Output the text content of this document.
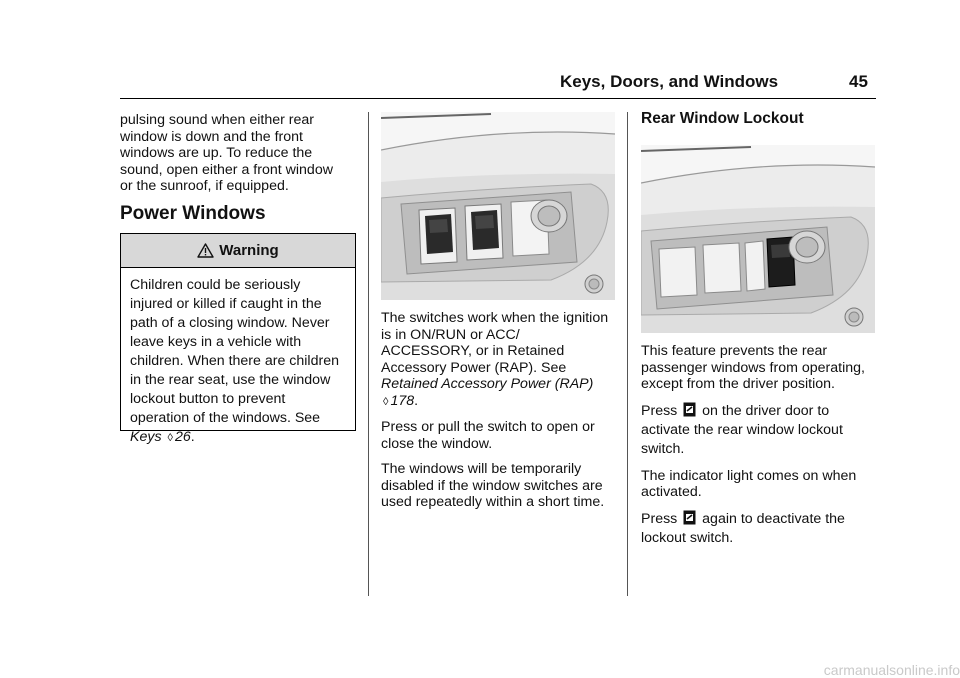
Keys, Doors, and Windows	45

pulsing sound when either rear
window is down and the front
windows are up. To reduce the
sound, open either a front window
or the sunroof, if equipped.

Power Windows
Warning
Children could be seriously
injured or killed if caught in the
path of a closing window. Never
leave keys in a vehicle with
children. When there are children
in the rear seat, use the window
lockout button to prevent
operation of the windows. See
Keys ◊ 26.

The switches work when the ignition
is in ON/RUN or ACC/
ACCESSORY, or in Retained
Accessory Power (RAP). See
Retained Accessory Power (RAP)
◊ 178.

Press or pull the switch to open or
close the window.

The windows will be temporarily
disabled if the window switches are
used repeatedly within a short time.

Rear Window Lockout

This feature prevents the rear
passenger windows from operating,
except from the driver position.

Press on the driver door to
activate the rear window lockout
switch.

The indicator light comes on when
activated.

Press again to deactivate the
lockout switch.

carmanualsonline.info
